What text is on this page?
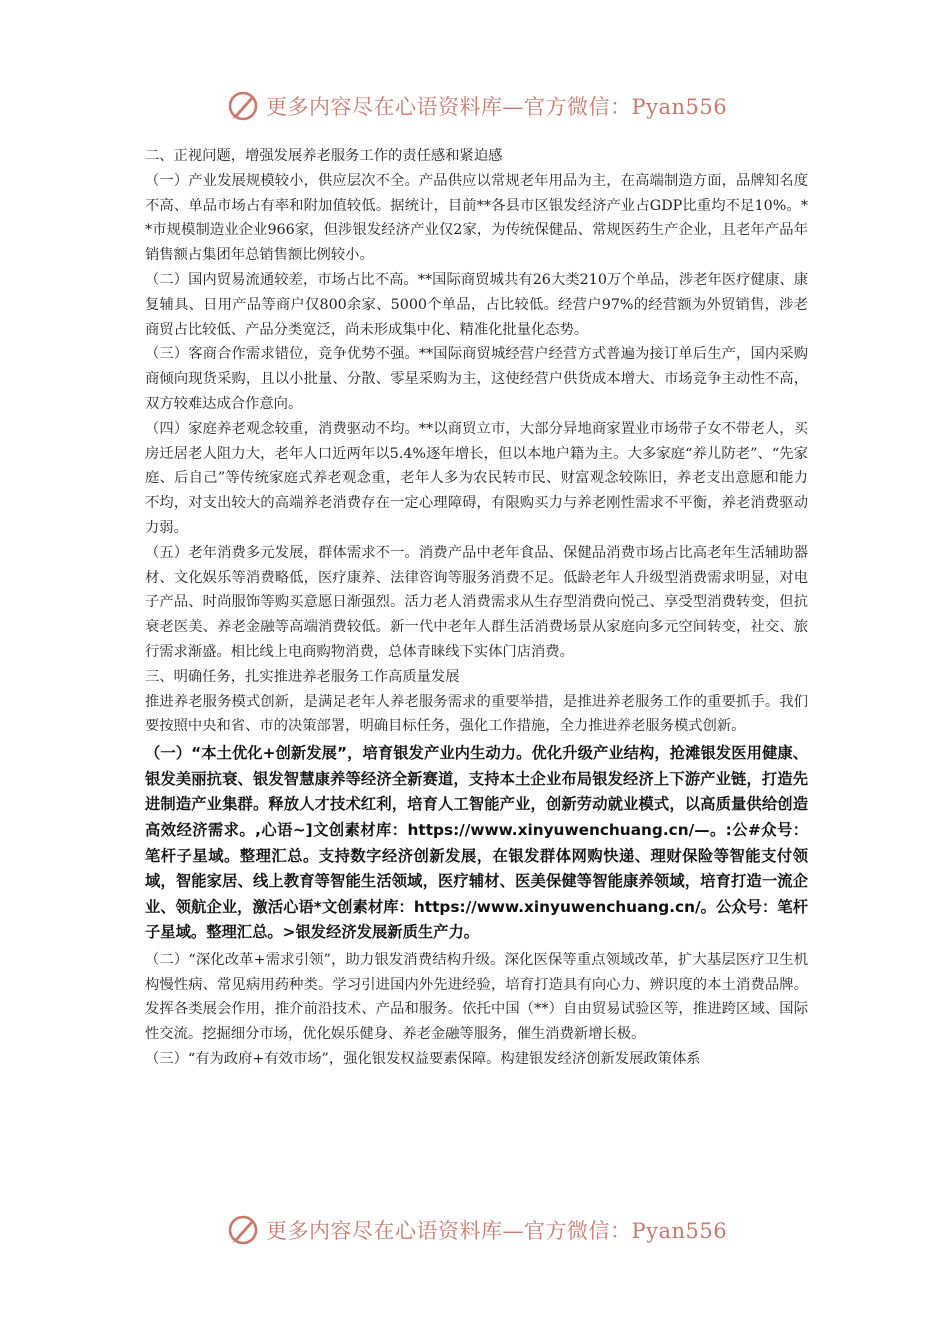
更多内容尽在心语资料库—官方微信：Pyan556

二、正视问题，增强发展养老服务工作的责任感和紧迫感

（一）产业发展规模较小，供应层次不全。产品供应以常规老年用品为主，在高端制造方面，品牌知名度不高、单品市场占有率和附加值较低。据统计，目前**各县市区银发经济产业占GDP比重均不足10%。**市规模制造业企业966家，但涉银发经济产业仅2家，为传统保健品、常规医药生产企业，且老年产品年销售额占集团年总销售额比例较小。

（二）国内贸易流通较差，市场占比不高。**国际商贸城共有26大类210万个单品，涉老年医疗健康、康复辅具、日用产品等商户仅800余家、5000个单品，占比较低。经营户97%的经营额为外贸销售，涉老商贸占比较低、产品分类宽泛，尚未形成集中化、精准化批量化态势。

（三）客商合作需求错位，竞争优势不强。**国际商贸城经营户经营方式普遍为接订单后生产，国内采购商倾向现货采购，且以小批量、分散、零星采购为主，这使经营户供货成本增大、市场竞争主动性不高，双方较难达成合作意向。

（四）家庭养老观念较重，消费驱动不均。**以商贸立市，大部分异地商家置业市场带子女不带老人，买房迁居老人阻力大，老年人口近两年以5.4%逐年增长，但以本地户籍为主。大多家庭“养儿防老”、“先家庭、后自己”等传统家庭式养老观念重，老年人多为农民转市民、财富观念较陈旧，养老支出意愿和能力不均，对支出较大的高端养老消费存在一定心理障碍，有限购买力与养老刚性需求不平衡，养老消费驱动力弱。

（五）老年消费多元发展，群体需求不一。消费产品中老年食品、保健品消费市场占比高老年生活辅助器材、文化娱乐等消费略低，医疗康养、法律咨询等服务消费不足。低龄老年人升级型消费需求明显，对电子产品、时尚服饰等购买意愿日渐强烈。活力老人消费需求从生存型消费向悦己、享受型消费转变，但抗衰老医美、养老金融等高端消费较低。新一代中老年人群生活消费场景从家庭向多元空间转变，社交、旅行需求渐盛。相比线上电商购物消费，总体青睐线下实体门店消费。

三、明确任务，扎实推进养老服务工作高质量发展

推进养老服务模式创新，是满足老年人养老服务需求的重要举措，是推进养老服务工作的重要抓手。我们要按照中央和省、市的决策部署，明确目标任务，强化工作措施，全力推进养老服务模式创新。

（一）“本土优化+创新发展”，培育银发产业内生动力。优化升级产业结构，抢滩银发医用健康、银发美丽抗衰、银发智慧康养等经济全新赛道，支持本土企业布局银发经济上下游产业链，打造先进制造产业集群。释放人才技术红利，培育人工智能产业，创新劳动就业模式，以高质量供给创造高效经济需求。,心语~]文创素材库：https://www.xinyuwenchuang.cn/—。:公#众号：笔杆子星域。整理汇总。支持数字经济创新发展，在银发群体网购快递、理财保险等智能支付领域，智能家居、线上教育等智能生活领域，医疗辅材、医美保健等智能康养领域，培育打造一流企业、领航企业，激活心语*文创素材库：https://www.xinyuwenchuang.cn/。公众号：笔杆子星域。整理汇总。>银发经济发展新质生产力。

（二）“深化改革+需求引领”，助力银发消费结构升级。深化医保等重点领域改革，扩大基层医疗卫生机构慢性病、常见病用药种类。学习引进国内外先进经验，培育打造具有向心力、辨识度的本土消费品牌。发挥各类展会作用，推介前沿技术、产品和服务。依托中国（**）自由贸易试验区等，推进跨区域、国际性交流。挖掘细分市场，优化娱乐健身、养老金融等服务，催生消费新增长极。

（三）“有为政府+有效市场”，强化银发权益要素保障。构建银发经济创新发展政策体系

更多内容尽在心语资料库—官方微信：Pyan556
